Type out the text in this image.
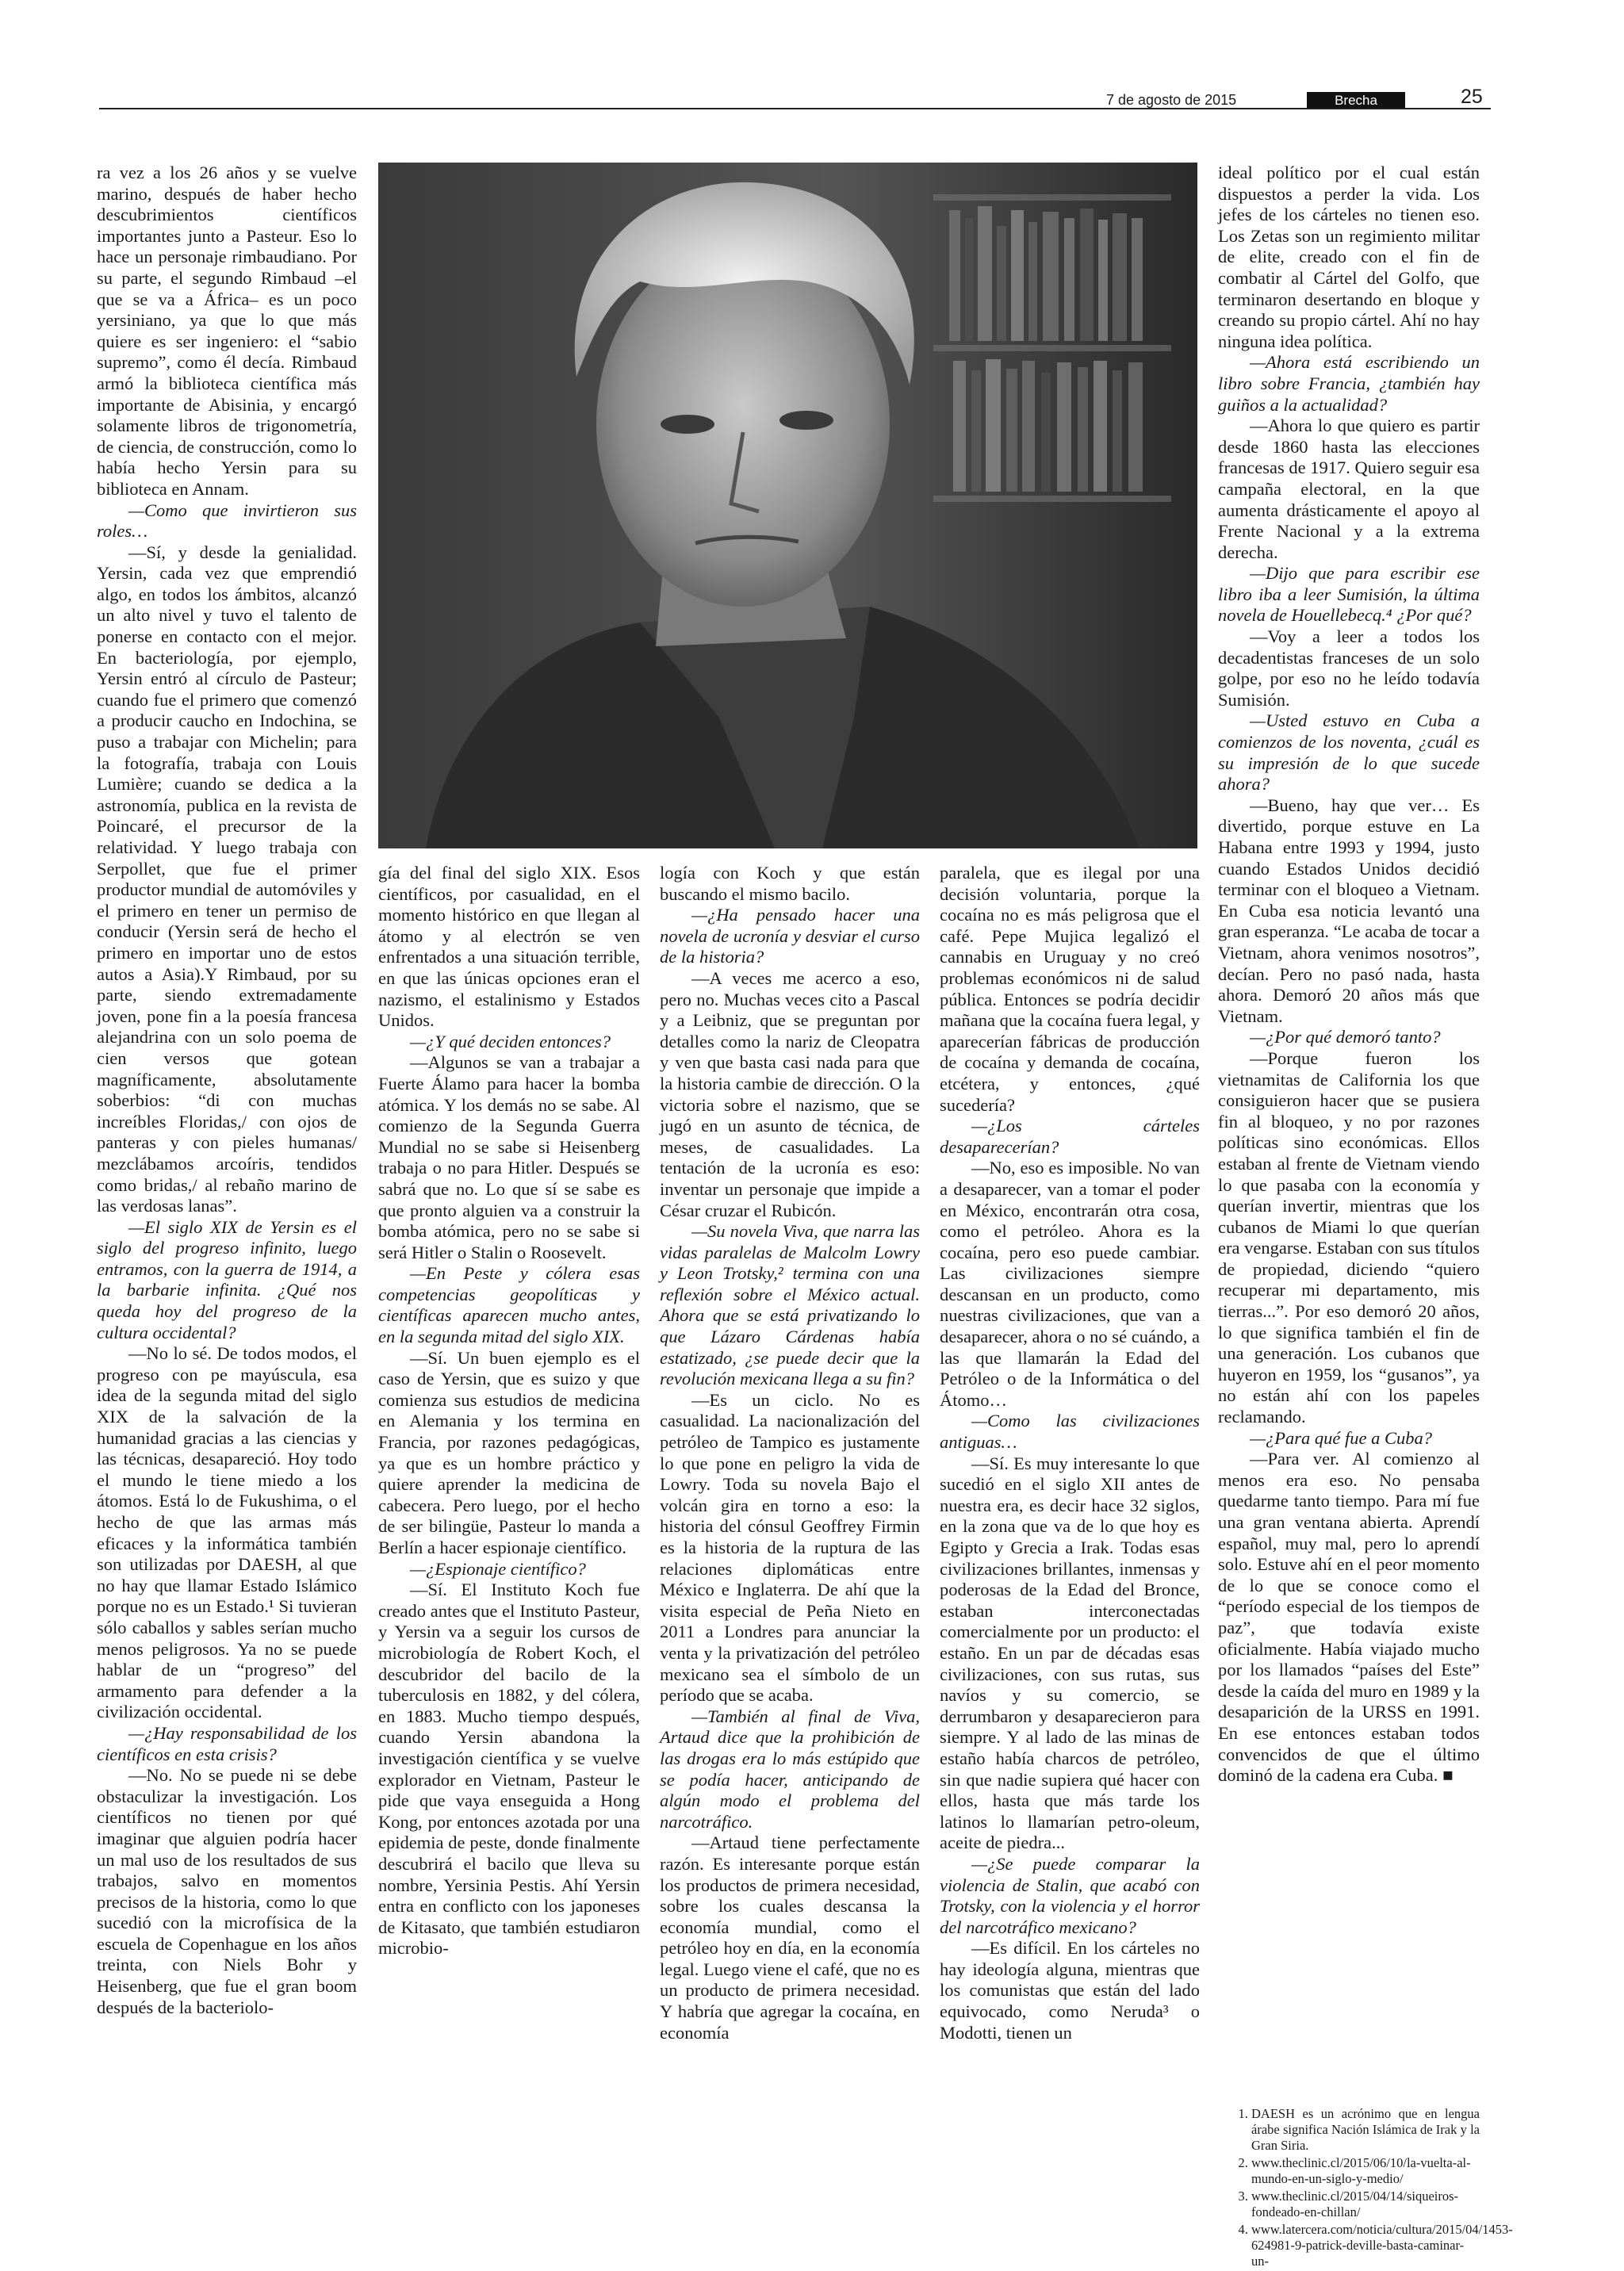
7 de agosto de 2015	Brecha	25

ra vez a los 26 años y se vuelve marino, después de haber hecho descubrimientos científicos importantes junto a Pasteur. Eso lo hace un personaje rimbaudiano. Por su parte, el segundo Rimbaud –el que se va a África– es un poco yersiniano, ya que lo que más quiere es ser ingeniero: el “sabio supremo”, como él decía. Rimbaud armó la biblioteca científica más importante de Abisinia, y encargó solamente libros de trigonometría, de ciencia, de construcción, como lo había hecho Yersin para su biblioteca en Annam.

—Como que invirtieron sus roles…

—Sí, y desde la genialidad. Yersin, cada vez que emprendió algo, en todos los ámbitos, alcanzó un alto nivel y tuvo el talento de ponerse en contacto con el mejor. En bacteriología, por ejemplo, Yersin entró al círculo de Pasteur; cuando fue el primero que comenzó a producir caucho en Indochina, se puso a trabajar con Michelin; para la fotografía, trabaja con Louis Lumière; cuando se dedica a la astronomía, publica en la revista de Poincaré, el precursor de la relatividad. Y luego trabaja con Serpollet, que fue el primer productor mundial de automóviles y el primero en tener un permiso de conducir (Yersin será de hecho el primero en importar uno de estos autos a Asia).Y Rimbaud, por su parte, siendo extremadamente joven, pone fin a la poesía francesa alejandrina con un solo poema de cien versos que gotean magníficamente, absolutamente soberbios: “di con muchas increíbles Floridas,/ con ojos de panteras y con pieles humanas/ mezclábamos arcoíris, tendidos como bridas,/ al rebaño marino de las verdosas lanas”.

—El siglo XIX de Yersin es el siglo del progreso infinito, luego entramos, con la guerra de 1914, a la barbarie infinita. ¿Qué nos queda hoy del progreso de la cultura occidental?

—No lo sé. De todos modos, el progreso con pe mayúscula, esa idea de la segunda mitad del siglo XIX de la salvación de la humanidad gracias a las ciencias y las técnicas, desapareció. Hoy todo el mundo le tiene miedo a los átomos. Está lo de Fukushima, o el hecho de que las armas más eficaces y la informática también son utilizadas por DAESH, al que no hay que llamar Estado Islámico porque no es un Estado.¹ Si tuvieran sólo caballos y sables serían mucho menos peligrosos. Ya no se puede hablar de un “progreso” del armamento para defender a la civilización occidental.

—¿Hay responsabilidad de los científicos en esta crisis?

—No. No se puede ni se debe obstaculizar la investigación. Los científicos no tienen por qué imaginar que alguien podría hacer un mal uso de los resultados de sus trabajos, salvo en momentos precisos de la historia, como lo que sucedió con la microfísica de la escuela de Copenhague en los años treinta, con Niels Bohr y Heisenberg, que fue el gran boom después de la bacteriolo-

gía del final del siglo XIX. Esos científicos, por casualidad, en el momento histórico en que llegan al átomo y al electrón se ven enfrentados a una situación terrible, en que las únicas opciones eran el nazismo, el estalinismo y Estados Unidos.

—¿Y qué deciden entonces?

—Algunos se van a trabajar a Fuerte Álamo para hacer la bomba atómica. Y los demás no se sabe. Al comienzo de la Segunda Guerra Mundial no se sabe si Heisenberg trabaja o no para Hitler. Después se sabrá que no. Lo que sí se sabe es que pronto alguien va a construir la bomba atómica, pero no se sabe si será Hitler o Stalin o Roosevelt.

—En Peste y cólera esas competencias geopolíticas y científicas aparecen mucho antes, en la segunda mitad del siglo XIX.

—Sí. Un buen ejemplo es el caso de Yersin, que es suizo y que comienza sus estudios de medicina en Alemania y los termina en Francia, por razones pedagógicas, ya que es un hombre práctico y quiere aprender la medicina de cabecera. Pero luego, por el hecho de ser bilingüe, Pasteur lo manda a Berlín a hacer espionaje científico.

—¿Espionaje científico?

—Sí. El Instituto Koch fue creado antes que el Instituto Pasteur, y Yersin va a seguir los cursos de microbiología de Robert Koch, el descubridor del bacilo de la tuberculosis en 1882, y del cólera, en 1883. Mucho tiempo después, cuando Yersin abandona la investigación científica y se vuelve explorador en Vietnam, Pasteur le pide que vaya enseguida a Hong Kong, por entonces azotada por una epidemia de peste, donde finalmente descubrirá el bacilo que lleva su nombre, Yersinia Pestis. Ahí Yersin entra en conflicto con los japoneses de Kitasato, que también estudiaron microbio-

logía con Koch y que están buscando el mismo bacilo.

—¿Ha pensado hacer una novela de ucronía y desviar el curso de la historia?

—A veces me acerco a eso, pero no. Muchas veces cito a Pascal y a Leibniz, que se preguntan por detalles como la nariz de Cleopatra y ven que basta casi nada para que la historia cambie de dirección. O la victoria sobre el nazismo, que se jugó en un asunto de técnica, de meses, de casualidades. La tentación de la ucronía es eso: inventar un personaje que impide a César cruzar el Rubicón.

—Su novela Viva, que narra las vidas paralelas de Malcolm Lowry y Leon Trotsky,² termina con una reflexión sobre el México actual. Ahora que se está privatizando lo que Lázaro Cárdenas había estatizado, ¿se puede decir que la revolución mexicana llega a su fin?

—Es un ciclo. No es casualidad. La nacionalización del petróleo de Tampico es justamente lo que pone en peligro la vida de Lowry. Toda su novela Bajo el volcán gira en torno a eso: la historia del cónsul Geoffrey Firmin es la historia de la ruptura de las relaciones diplomáticas entre México e Inglaterra. De ahí que la visita especial de Peña Nieto en 2011 a Londres para anunciar la venta y la privatización del petróleo mexicano sea el símbolo de un período que se acaba.

—También al final de Viva, Artaud dice que la prohibición de las drogas era lo más estúpido que se podía hacer, anticipando de algún modo el problema del narcotráfico.

—Artaud tiene perfectamente razón. Es interesante porque están los productos de primera necesidad, sobre los cuales descansa la economía mundial, como el petróleo hoy en día, en la economía legal. Luego viene el café, que no es un producto de primera necesidad. Y habría que agregar la cocaína, en economía

paralela, que es ilegal por una decisión voluntaria, porque la cocaína no es más peligrosa que el café. Pepe Mujica legalizó el cannabis en Uruguay y no creó problemas económicos ni de salud pública. Entonces se podría decidir mañana que la cocaína fuera legal, y aparecerían fábricas de producción de cocaína y demanda de cocaína, etcétera, y entonces, ¿qué sucedería?

—¿Los cárteles desaparecerían?

—No, eso es imposible. No van a desaparecer, van a tomar el poder en México, encontrarán otra cosa, como el petróleo. Ahora es la cocaína, pero eso puede cambiar. Las civilizaciones siempre descansan en un producto, como nuestras civilizaciones, que van a desaparecer, ahora o no sé cuándo, a las que llamarán la Edad del Petróleo o de la Informática o del Átomo…

—Como las civilizaciones antiguas…

—Sí. Es muy interesante lo que sucedió en el siglo XII antes de nuestra era, es decir hace 32 siglos, en la zona que va de lo que hoy es Egipto y Grecia a Irak. Todas esas civilizaciones brillantes, inmensas y poderosas de la Edad del Bronce, estaban interconectadas comercialmente por un producto: el estaño. En un par de décadas esas civilizaciones, con sus rutas, sus navíos y su comercio, se derrumbaron y desaparecieron para siempre. Y al lado de las minas de estaño había charcos de petróleo, sin que nadie supiera qué hacer con ellos, hasta que más tarde los latinos lo llamarían petro-oleum, aceite de piedra...

—¿Se puede comparar la violencia de Stalin, que acabó con Trotsky, con la violencia y el horror del narcotráfico mexicano?

—Es difícil. En los cárteles no hay ideología alguna, mientras que los comunistas que están del lado equivocado, como Neruda³ o Modotti, tienen un

ideal político por el cual están dispuestos a perder la vida. Los jefes de los cárteles no tienen eso. Los Zetas son un regimiento militar de elite, creado con el fin de combatir al Cártel del Golfo, que terminaron desertando en bloque y creando su propio cártel. Ahí no hay ninguna idea política.

—Ahora está escribiendo un libro sobre Francia, ¿también hay guiños a la actualidad?

—Ahora lo que quiero es partir desde 1860 hasta las elecciones francesas de 1917. Quiero seguir esa campaña electoral, en la que aumenta drásticamente el apoyo al Frente Nacional y a la extrema derecha.

—Dijo que para escribir ese libro iba a leer Sumisión, la última novela de Houellebecq.⁴ ¿Por qué?

—Voy a leer a todos los decadentistas franceses de un solo golpe, por eso no he leído todavía Sumisión.

—Usted estuvo en Cuba a comienzos de los noventa, ¿cuál es su impresión de lo que sucede ahora?

—Bueno, hay que ver… Es divertido, porque estuve en La Habana entre 1993 y 1994, justo cuando Estados Unidos decidió terminar con el bloqueo a Vietnam. En Cuba esa noticia levantó una gran esperanza. “Le acaba de tocar a Vietnam, ahora venimos nosotros”, decían. Pero no pasó nada, hasta ahora. Demoró 20 años más que Vietnam.

—¿Por qué demoró tanto?

—Porque fueron los vietnamitas de California los que consiguieron hacer que se pusiera fin al bloqueo, y no por razones políticas sino económicas. Ellos estaban al frente de Vietnam viendo lo que pasaba con la economía y querían invertir, mientras que los cubanos de Miami lo que querían era vengarse. Estaban con sus títulos de propiedad, diciendo “quiero recuperar mi departamento, mis tierras...”. Por eso demoró 20 años, lo que significa también el fin de una generación. Los cubanos que huyeron en 1959, los “gusanos”, ya no están ahí con los papeles reclamando.

—¿Para qué fue a Cuba?

—Para ver. Al comienzo al menos era eso. No pensaba quedarme tanto tiempo. Para mí fue una gran ventana abierta. Aprendí español, muy mal, pero lo aprendí solo. Estuve ahí en el peor momento de lo que se conoce como el “período especial de los tiempos de paz”, que todavía existe oficialmente. Había viajado mucho por los llamados “países del Este” desde la caída del muro en 1989 y la desaparición de la URSS en 1991. En ese entonces estaban todos convencidos de que el último dominó de la cadena era Cuba. ■

1. DAESH es un acrónimo que en lengua árabe significa Nación Islámica de Irak y la Gran Siria.
2. www.theclinic.cl/2015/06/10/la-vuelta-al-mundo-en-un-siglo-y-medio/
3. www.theclinic.cl/2015/04/14/siqueiros-fondeado-en-chillan/
4. www.latercera.com/noticia/cultura/2015/04/1453-624981-9-patrick-deville-basta-caminar-un-
